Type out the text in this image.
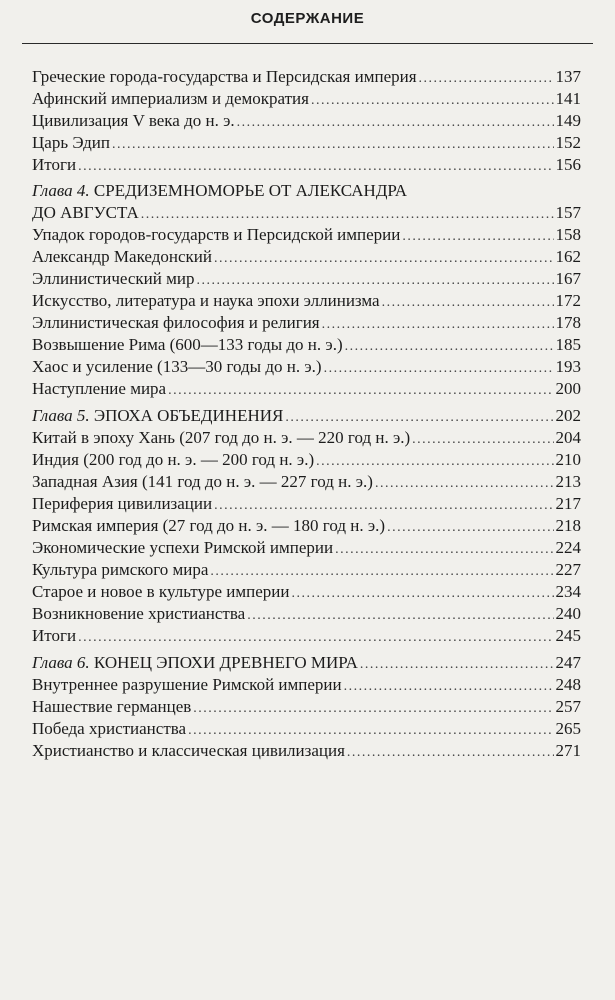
СОДЕРЖАНИЕ
Греческие города-государства и Персидская империя .....	137
Афинский империализм и демократия .....	141
Цивилизация V века до н. э. .....	149
Царь Эдип .....	152
Итоги .....	156
Глава 4. СРЕДИЗЕМНОМОРЬЕ ОТ АЛЕКСАНДРА
ДО АВГУСТА .....	157
Упадок городов-государств и Персидской империи .....	158
Александр Македонский .....	162
Эллинистический мир .....	167
Искусство, литература и наука эпохи эллинизма .....	172
Эллинистическая философия и религия .....	178
Возвышение Рима (600—133 годы до н. э.) .....	185
Хаос и усиление (133—30 годы до н. э.) .....	193
Наступление мира .....	200
Глава 5. ЭПОХА ОБЪЕДИНЕНИЯ .....	202
Китай в эпоху Хань (207 год до н. э. — 220 год н. э.) .....	204
Индия (200 год до н. э. — 200 год н. э.) .....	210
Западная Азия (141 год до н. э. — 227 год н. э.) .....	213
Периферия цивилизации .....	217
Римская империя (27 год до н. э. — 180 год н. э.) .....	218
Экономические успехи Римской империи .....	224
Культура римского мира .....	227
Старое и новое в культуре империи .....	234
Возникновение христианства .....	240
Итоги .....	245
Глава 6. КОНЕЦ ЭПОХИ ДРЕВНЕГО МИРА .....	247
Внутреннее разрушение Римской империи .....	248
Нашествие германцев .....	257
Победа христианства .....	265
Христианство и классическая цивилизация .....	271
